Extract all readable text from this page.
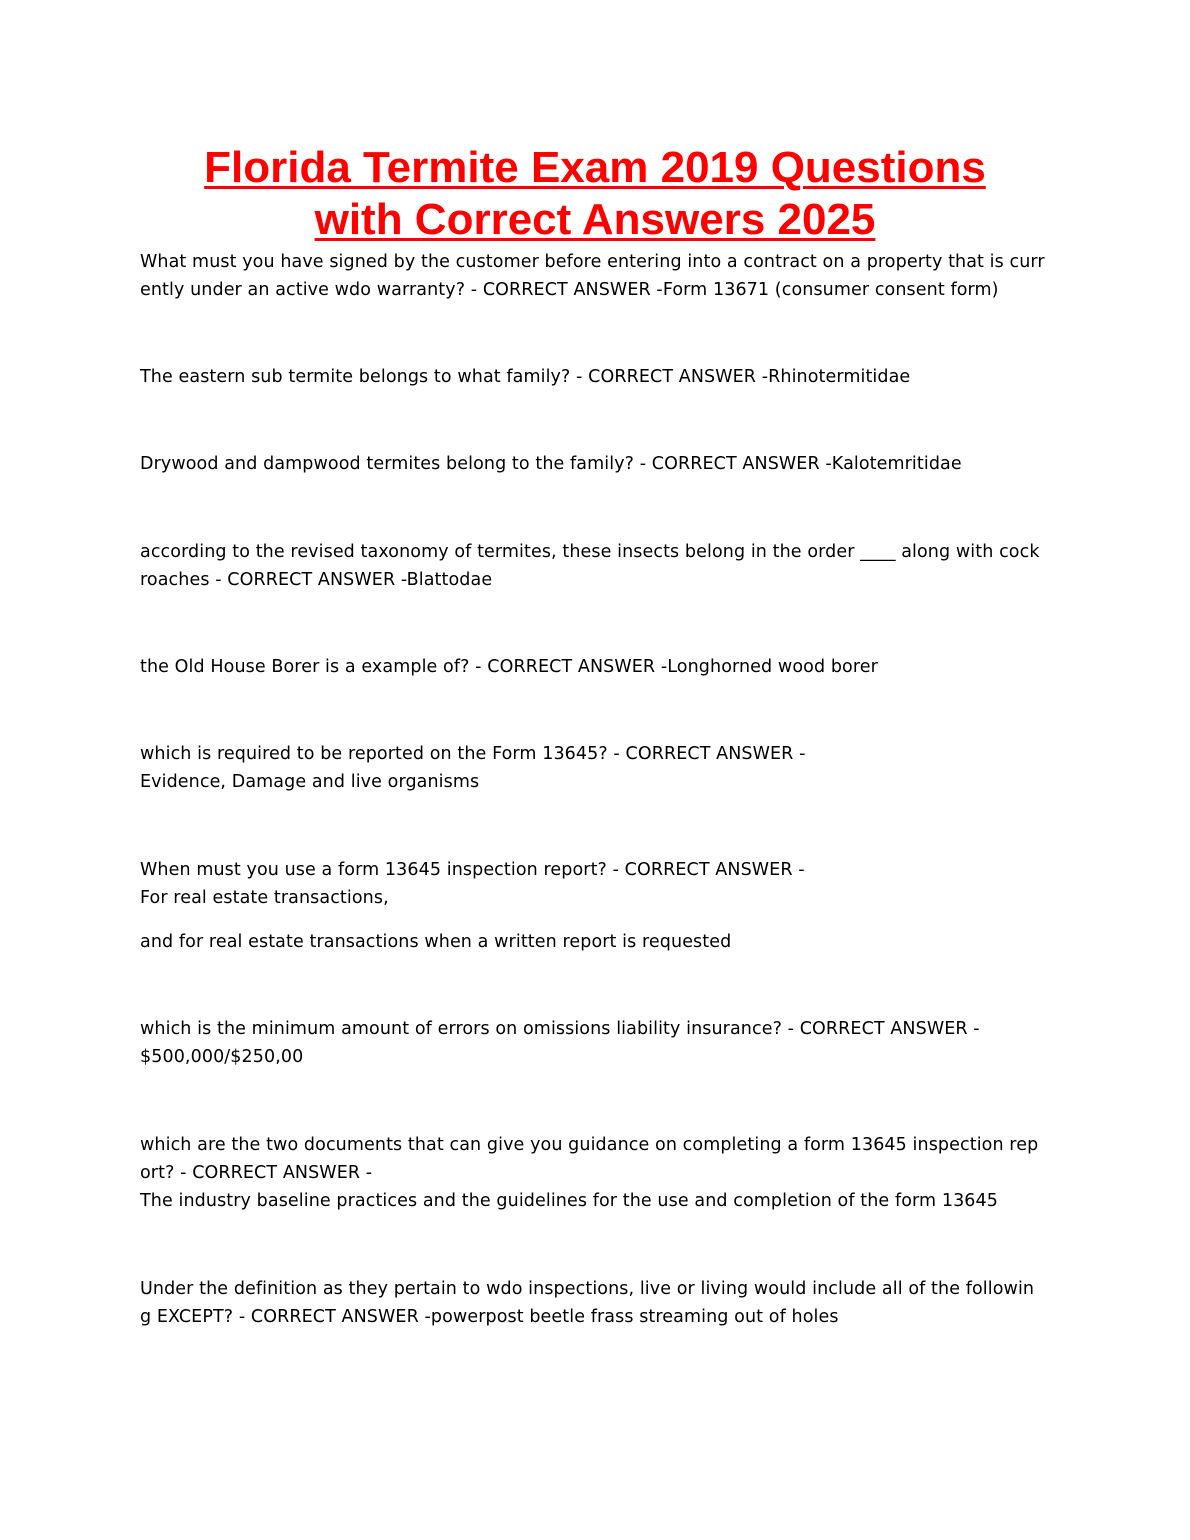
Florida Termite Exam 2019 Questions
with Correct Answers 2025
What must you have signed by the customer before entering into a contract on a property that is curr
ently under an active wdo warranty? - CORRECT ANSWER -Form 13671 (consumer consent form)
The eastern sub termite belongs to what family? - CORRECT ANSWER -Rhinotermitidae
Drywood and dampwood termites belong to the family? - CORRECT ANSWER -Kalotemritidae
according to the revised taxonomy of termites, these insects belong in the order ____ along with cock
roaches - CORRECT ANSWER -Blattodae
the Old House Borer is a example of? - CORRECT ANSWER -Longhorned wood borer
which is required to be reported on the Form 13645? - CORRECT ANSWER -
Evidence, Damage and live organisms
When must you use a form 13645 inspection report? - CORRECT ANSWER -
For real estate transactions,
and for real estate transactions when a written report is requested
which is the minimum amount of errors on omissions liability insurance? - CORRECT ANSWER -
$500,000/$250,00
which are the two documents that can give you guidance on completing a form 13645 inspection rep
ort? - CORRECT ANSWER -
The industry baseline practices and the guidelines for the use and completion of the form 13645
Under the definition as they pertain to wdo inspections, live or living would include all of the followin
g EXCEPT? - CORRECT ANSWER -powerpost beetle frass streaming out of holes
